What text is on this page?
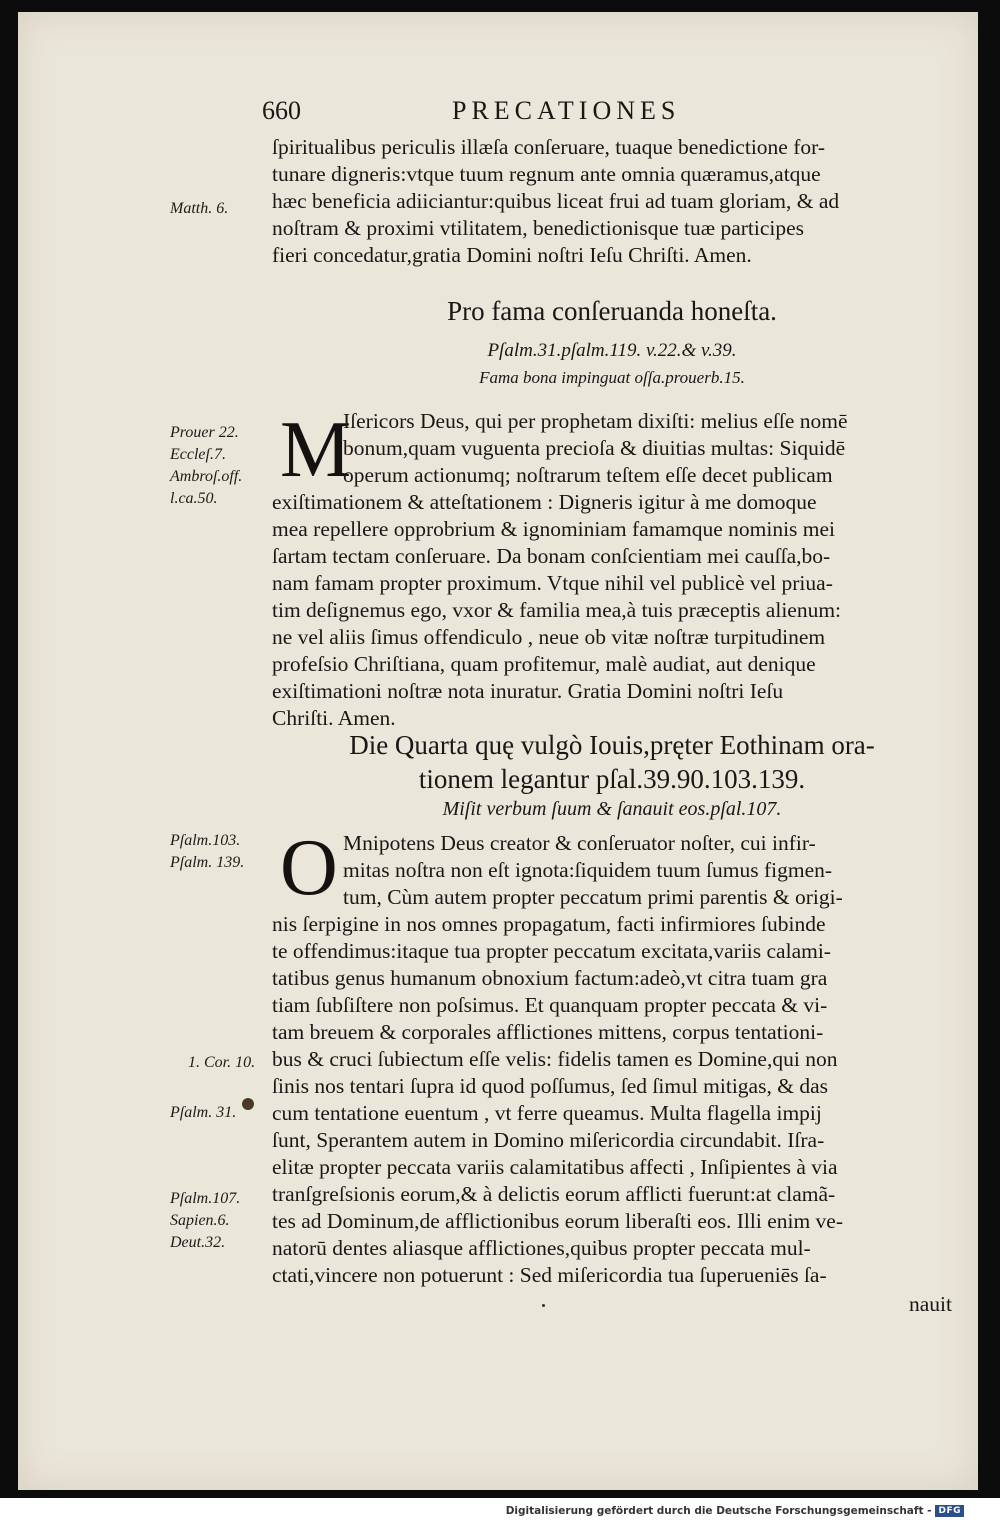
660	PRECATIONES
ſpiritualibus periculis illæſa conſeruare, tuaque benedictione for-
tunare digneris:vtque tuum regnum ante omnia quæramus,atque
hæc beneficia adiiciantur:quibus liceat frui ad tuam gloriam, & ad
noſtram & proximi vtilitatem, benedictionisque tuæ participes
fieri concedatur,gratia Domini noſtri Ieſu Chriſti. Amen.
Matth. 6.
Pro fama conſeruanda honeſta.
Pſalm.31.pſalm.119. v.22.& v.39.
Fama bona impinguat oſſa.prouerb.15.
M
Iſericors Deus, qui per prophetam dixiſti: melius eſſe nomē
bonum,quam vuguenta precioſa & diuitias multas: Siquidē
operum actionumq; noſtrarum teſtem eſſe decet publicam
exiſtimationem & atteſtationem : Digneris igitur à me domoque
mea repellere opprobrium & ignominiam famamque nominis mei
ſartam tectam conſeruare. Da bonam conſcientiam mei cauſſa,bo-
nam famam propter proximum. Vtque nihil vel publicè vel priua-
tim deſignemus ego, vxor & familia mea,à tuis præceptis alienum:
ne vel aliis ſimus offendiculo , neue ob vitæ noſtræ turpitudinem
profeſsio Chriſtiana, quam profitemur, malè audiat, aut denique
exiſtimationi noſtræ nota inuratur. Gratia Domini noſtri Ieſu
Chriſti. Amen.
Prouer 22.
Eccleſ.7.
Ambroſ.off.
l.ca.50.
Die Quarta quę vulgò Iouis,pręter Eothinam ora-
tionem legantur pſal.39.90.103.139.
Miſit verbum ſuum & ſanauit eos.pſal.107.
O Mnipotens Deus creator & conſeruator noſter, cui infir-
mitas noſtra non eſt ignota:ſiquidem tuum ſumus figmen-
tum, Cùm autem propter peccatum primi parentis & origi-
nis ſerpigine in nos omnes propagatum, facti infirmiores ſubinde
te offendimus:itaque tua propter peccatum excitata,variis calami-
tatibus genus humanum obnoxium factum:adeò,vt citra tuam gra
tiam ſubſiſtere non poſsimus. Et quanquam propter peccata & vi-
tam breuem & corporales afflictiones mittens, corpus tentationi-
bus & cruci ſubiectum eſſe velis: fidelis tamen es Domine,qui non
ſinis nos tentari ſupra id quod poſſumus, ſed ſimul mitigas, & das
cum tentatione euentum , vt ferre queamus. Multa flagella impij
ſunt, Sperantem autem in Domino miſericordia circundabit. Iſra-
elitæ propter peccata variis calamitatibus affecti , Inſipientes à via
tranſgreſsionis eorum,& à delictis eorum afflicti fuerunt:at clamã-
tes ad Dominum,de afflictionibus eorum liberaſti eos. Illi enim ve-
natorū dentes aliasque afflictiones,quibus propter peccata mul-
ctati,vincere non potuerunt : Sed miſericordia tua ſuperueniēs ſa-
nauit
Pſalm.103.
Pſalm. 139.
1. Cor. 10.
Pſalm. 31.
Pſalm.107.
Sapien.6.
Deut.32.
Digitalisierung gefördert durch die Deutsche Forschungsgemeinschaft - DFG
